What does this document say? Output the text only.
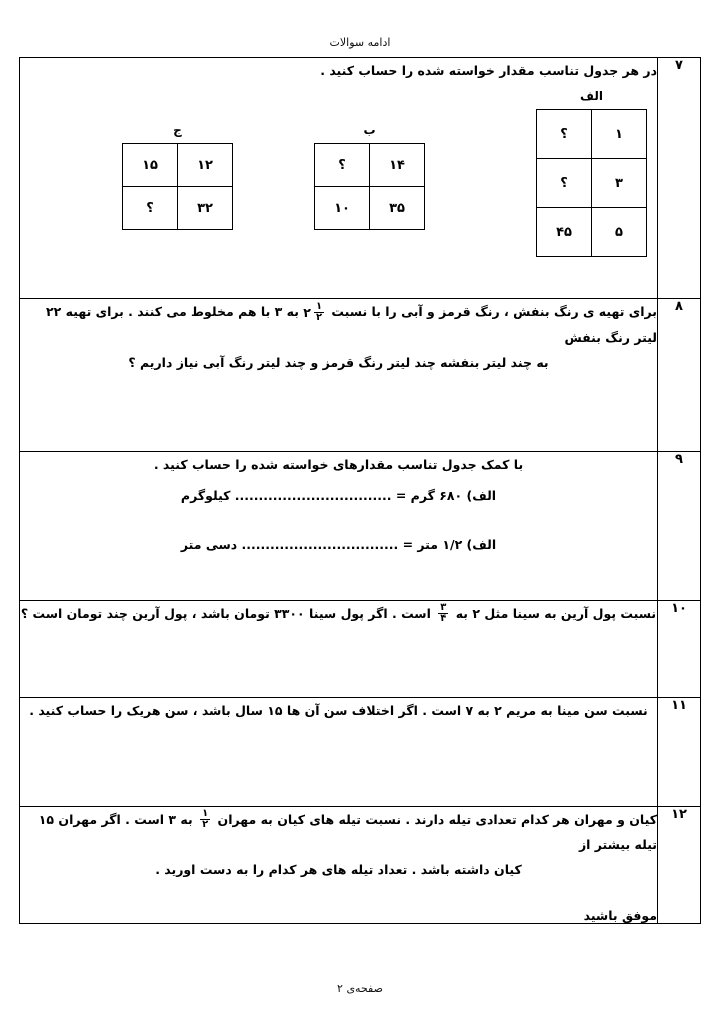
ادامه سوالات
۷	
در هر جدول تناسب مقدار خواسته شده را حساب کنید .
الف
۱	؟
۳	؟
۵	۴۵
ب
۱۴	؟
۳۵	۱۰
ج
۱۲	۱۵
۳۲	؟

۸	
برای تهیه ی رنگ بنفش ، رنگ قرمز و آبی را با نسبت
$\frac{۱}{۲}$
۲ به ۳ با هم مخلوط می کنند . برای تهیه ۲۲ لیتر رنگ بنفش
به چند لیتر بنفشه چند لیتر رنگ قرمز و چند لیتر رنگ آبی نیاز داریم ؟

۹	
با کمک جدول تناسب مقدارهای خواسته شده را حساب کنید .
الف) ۶۸۰ گرم = ................................. کیلوگرم
الف) ۱/۲ متر = ................................. دسی متر

۱۰	
نسبت پول آرین به سینا مثل ۲ به
$\frac{۳}{۴}$
است . اگر پول سینا ۳۳۰۰ تومان باشد ، پول آرین چند تومان است ؟

۱۱	
نسبت سن مینا به مریم ۲ به ۷ است . اگر اختلاف سن آن ها ۱۵ سال باشد ، سن هریک را حساب کنید .

۱۲	
کیان و مهران هر کدام تعدادی تیله دارند . نسبت تیله های کیان به مهران
$\frac{۱}{۲}$
به ۳ است . اگر مهران ۱۵ تیله بیشتر از
کیان داشته باشد . تعداد تیله های هر کدام را به دست اورید .
موفق باشید
صفحه‌ی ۲
